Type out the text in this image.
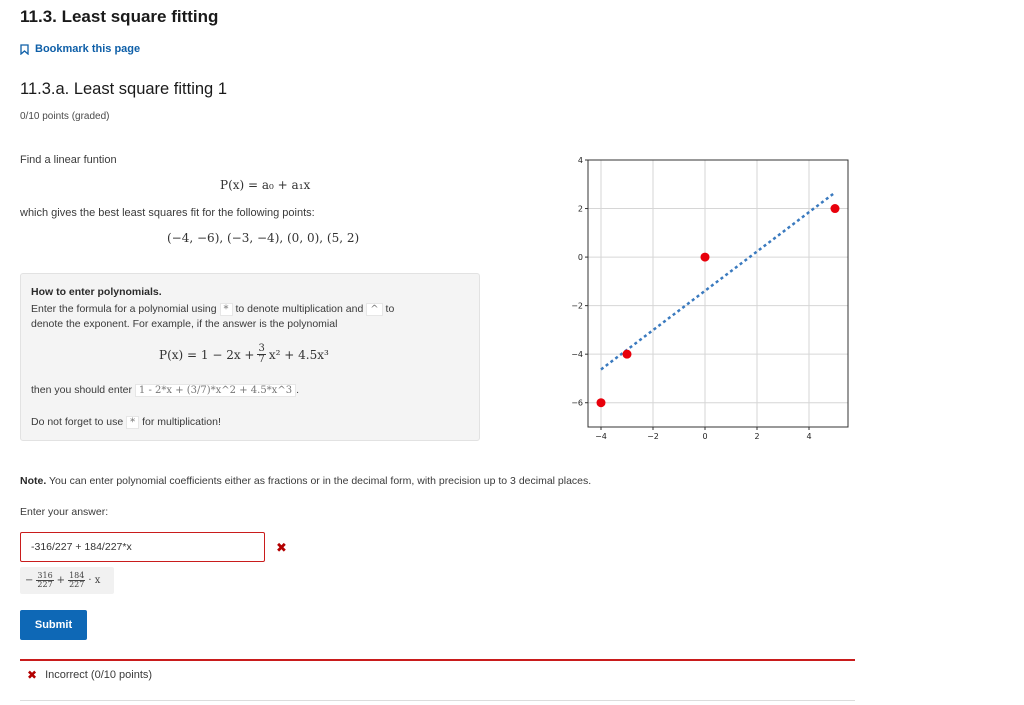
11.3. Least square fitting
Bookmark this page
11.3.a. Least square fitting 1
0/10 points (graded)
Find a linear funtion
P(x) = a₀ + a₁x
which gives the best least squares fit for the following points:
(−4, −6), (−3, −4), (0, 0), (5, 2)
How to enter polynomials.
Enter the formula for a polynomial using * to denote multiplication and ^ to
denote the exponent. For example, if the answer is the polynomial
$P(x) = 1 - 2x + \frac{3}{7} x^2 + 4.5x^3$
then you should enter 1 - 2*x + (3/7)*x^2 + 4.5*x^3 .
Do not forget to use * for multiplication!
−4	−2	0	2	4
−6
−4
−2
0
2
4
Note. You can enter polynomial coefficients either as fractions or in the decimal form, with precision up to 3 decimal places.
Enter your answer:
-316/227 + 184/227*x
✖
− $\frac{316}{227} + \frac{184}{227} \cdot x$
Submit
✖ Incorrect (0/10 points)
